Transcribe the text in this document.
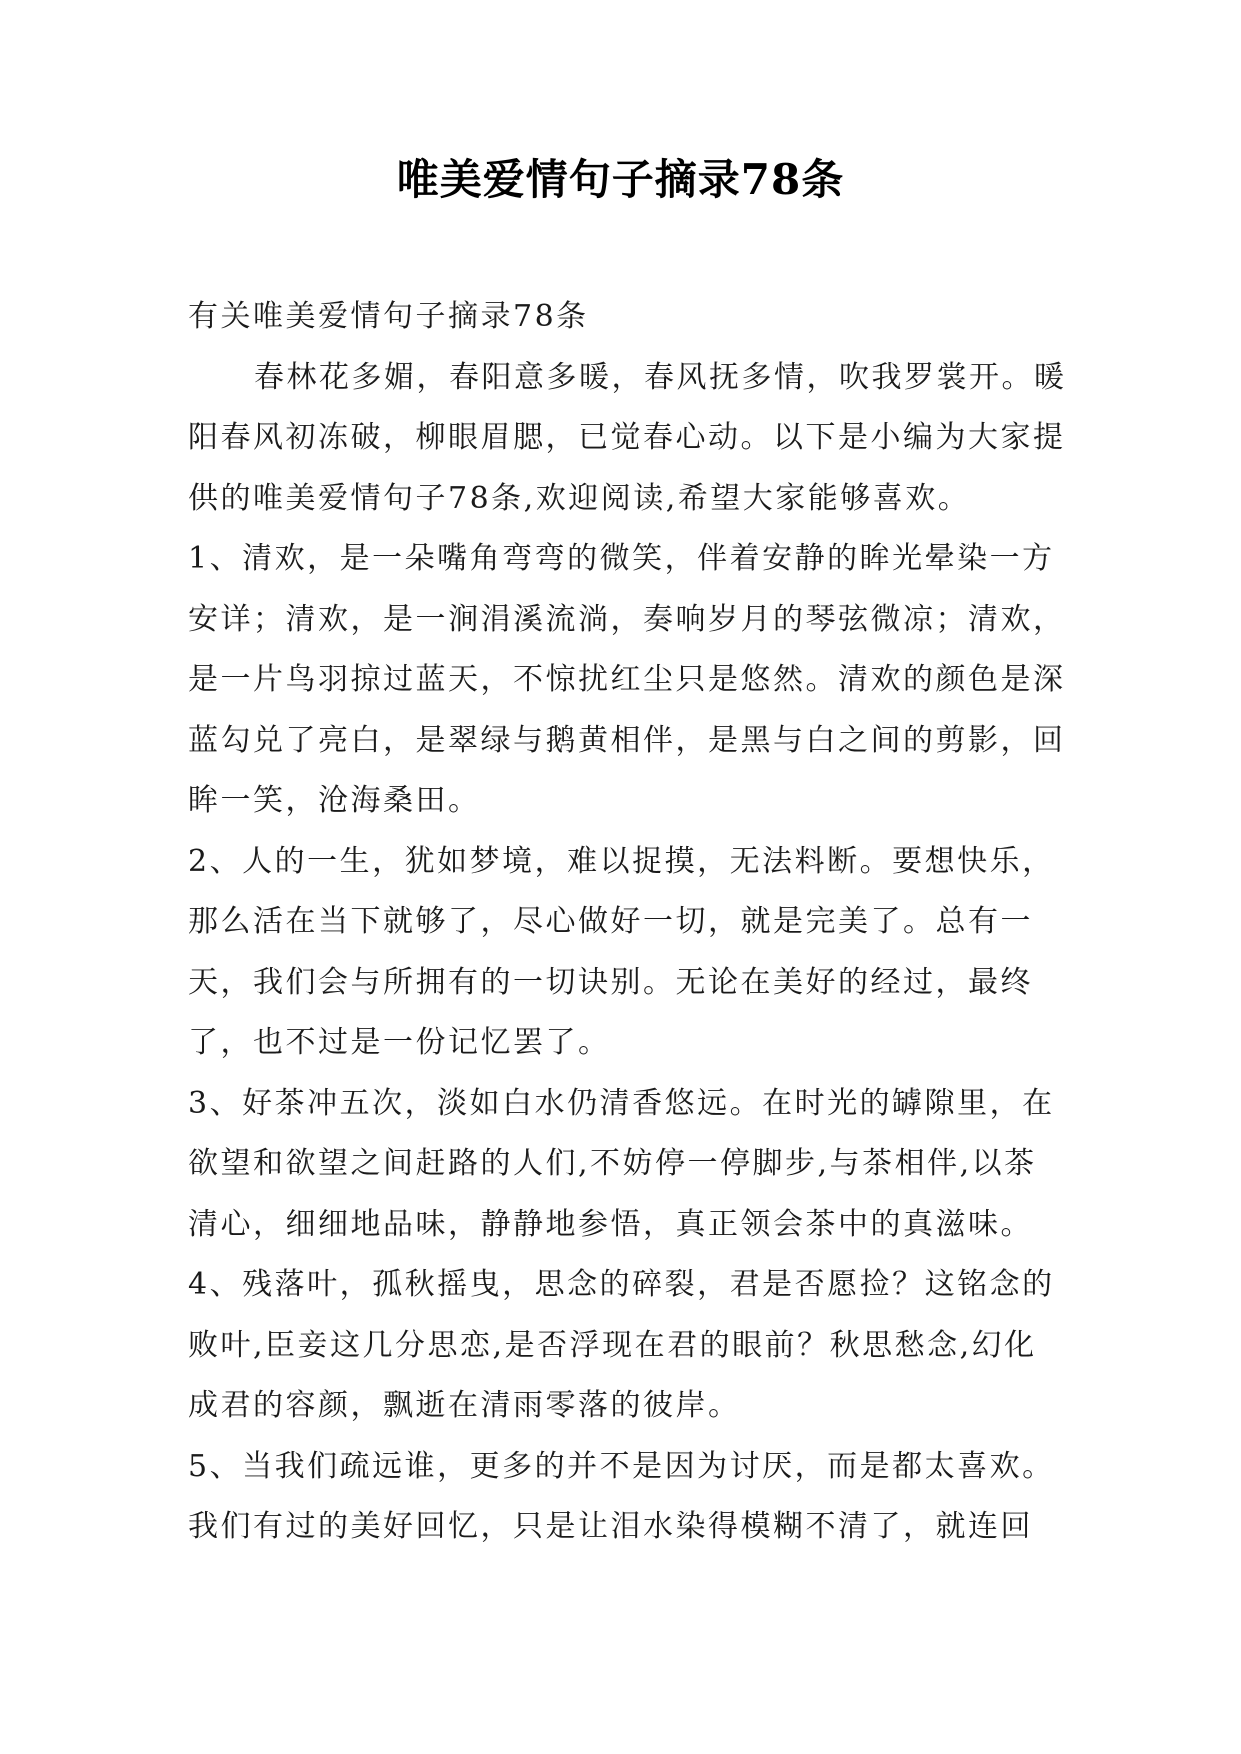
唯美爱情句子摘录78条

有关唯美爱情句子摘录78条

春林花多媚，春阳意多暖，春风抚多情，吹我罗裳开。暖阳春风初冻破，柳眼眉腮，已觉春心动。以下是小编为大家提供的唯美爱情句子78条,欢迎阅读,希望大家能够喜欢。

1、清欢，是一朵嘴角弯弯的微笑，伴着安静的眸光晕染一方安详；清欢，是一涧涓溪流淌，奏响岁月的琴弦微凉；清欢，是一片鸟羽掠过蓝天，不惊扰红尘只是悠然。清欢的颜色是深蓝勾兑了亮白，是翠绿与鹅黄相伴，是黑与白之间的剪影，回眸一笑，沧海桑田。

2、人的一生，犹如梦境，难以捉摸，无法料断。要想快乐，那么活在当下就够了，尽心做好一切，就是完美了。总有一天，我们会与所拥有的一切诀别。无论在美好的经过，最终了，也不过是一份记忆罢了。

3、好茶冲五次，淡如白水仍清香悠远。在时光的罅隙里，在欲望和欲望之间赶路的人们,不妨停一停脚步,与茶相伴,以茶清心，细细地品味，静静地参悟，真正领会茶中的真滋味。

4、残落叶，孤秋摇曳，思念的碎裂，君是否愿捡？这铭念的败叶,臣妾这几分思恋,是否浮现在君的眼前？秋思愁念,幻化成君的容颜，飘逝在清雨零落的彼岸。

5、当我们疏远谁，更多的并不是因为讨厌，而是都太喜欢。我们有过的美好回忆，只是让泪水染得模糊不清了，就连回
